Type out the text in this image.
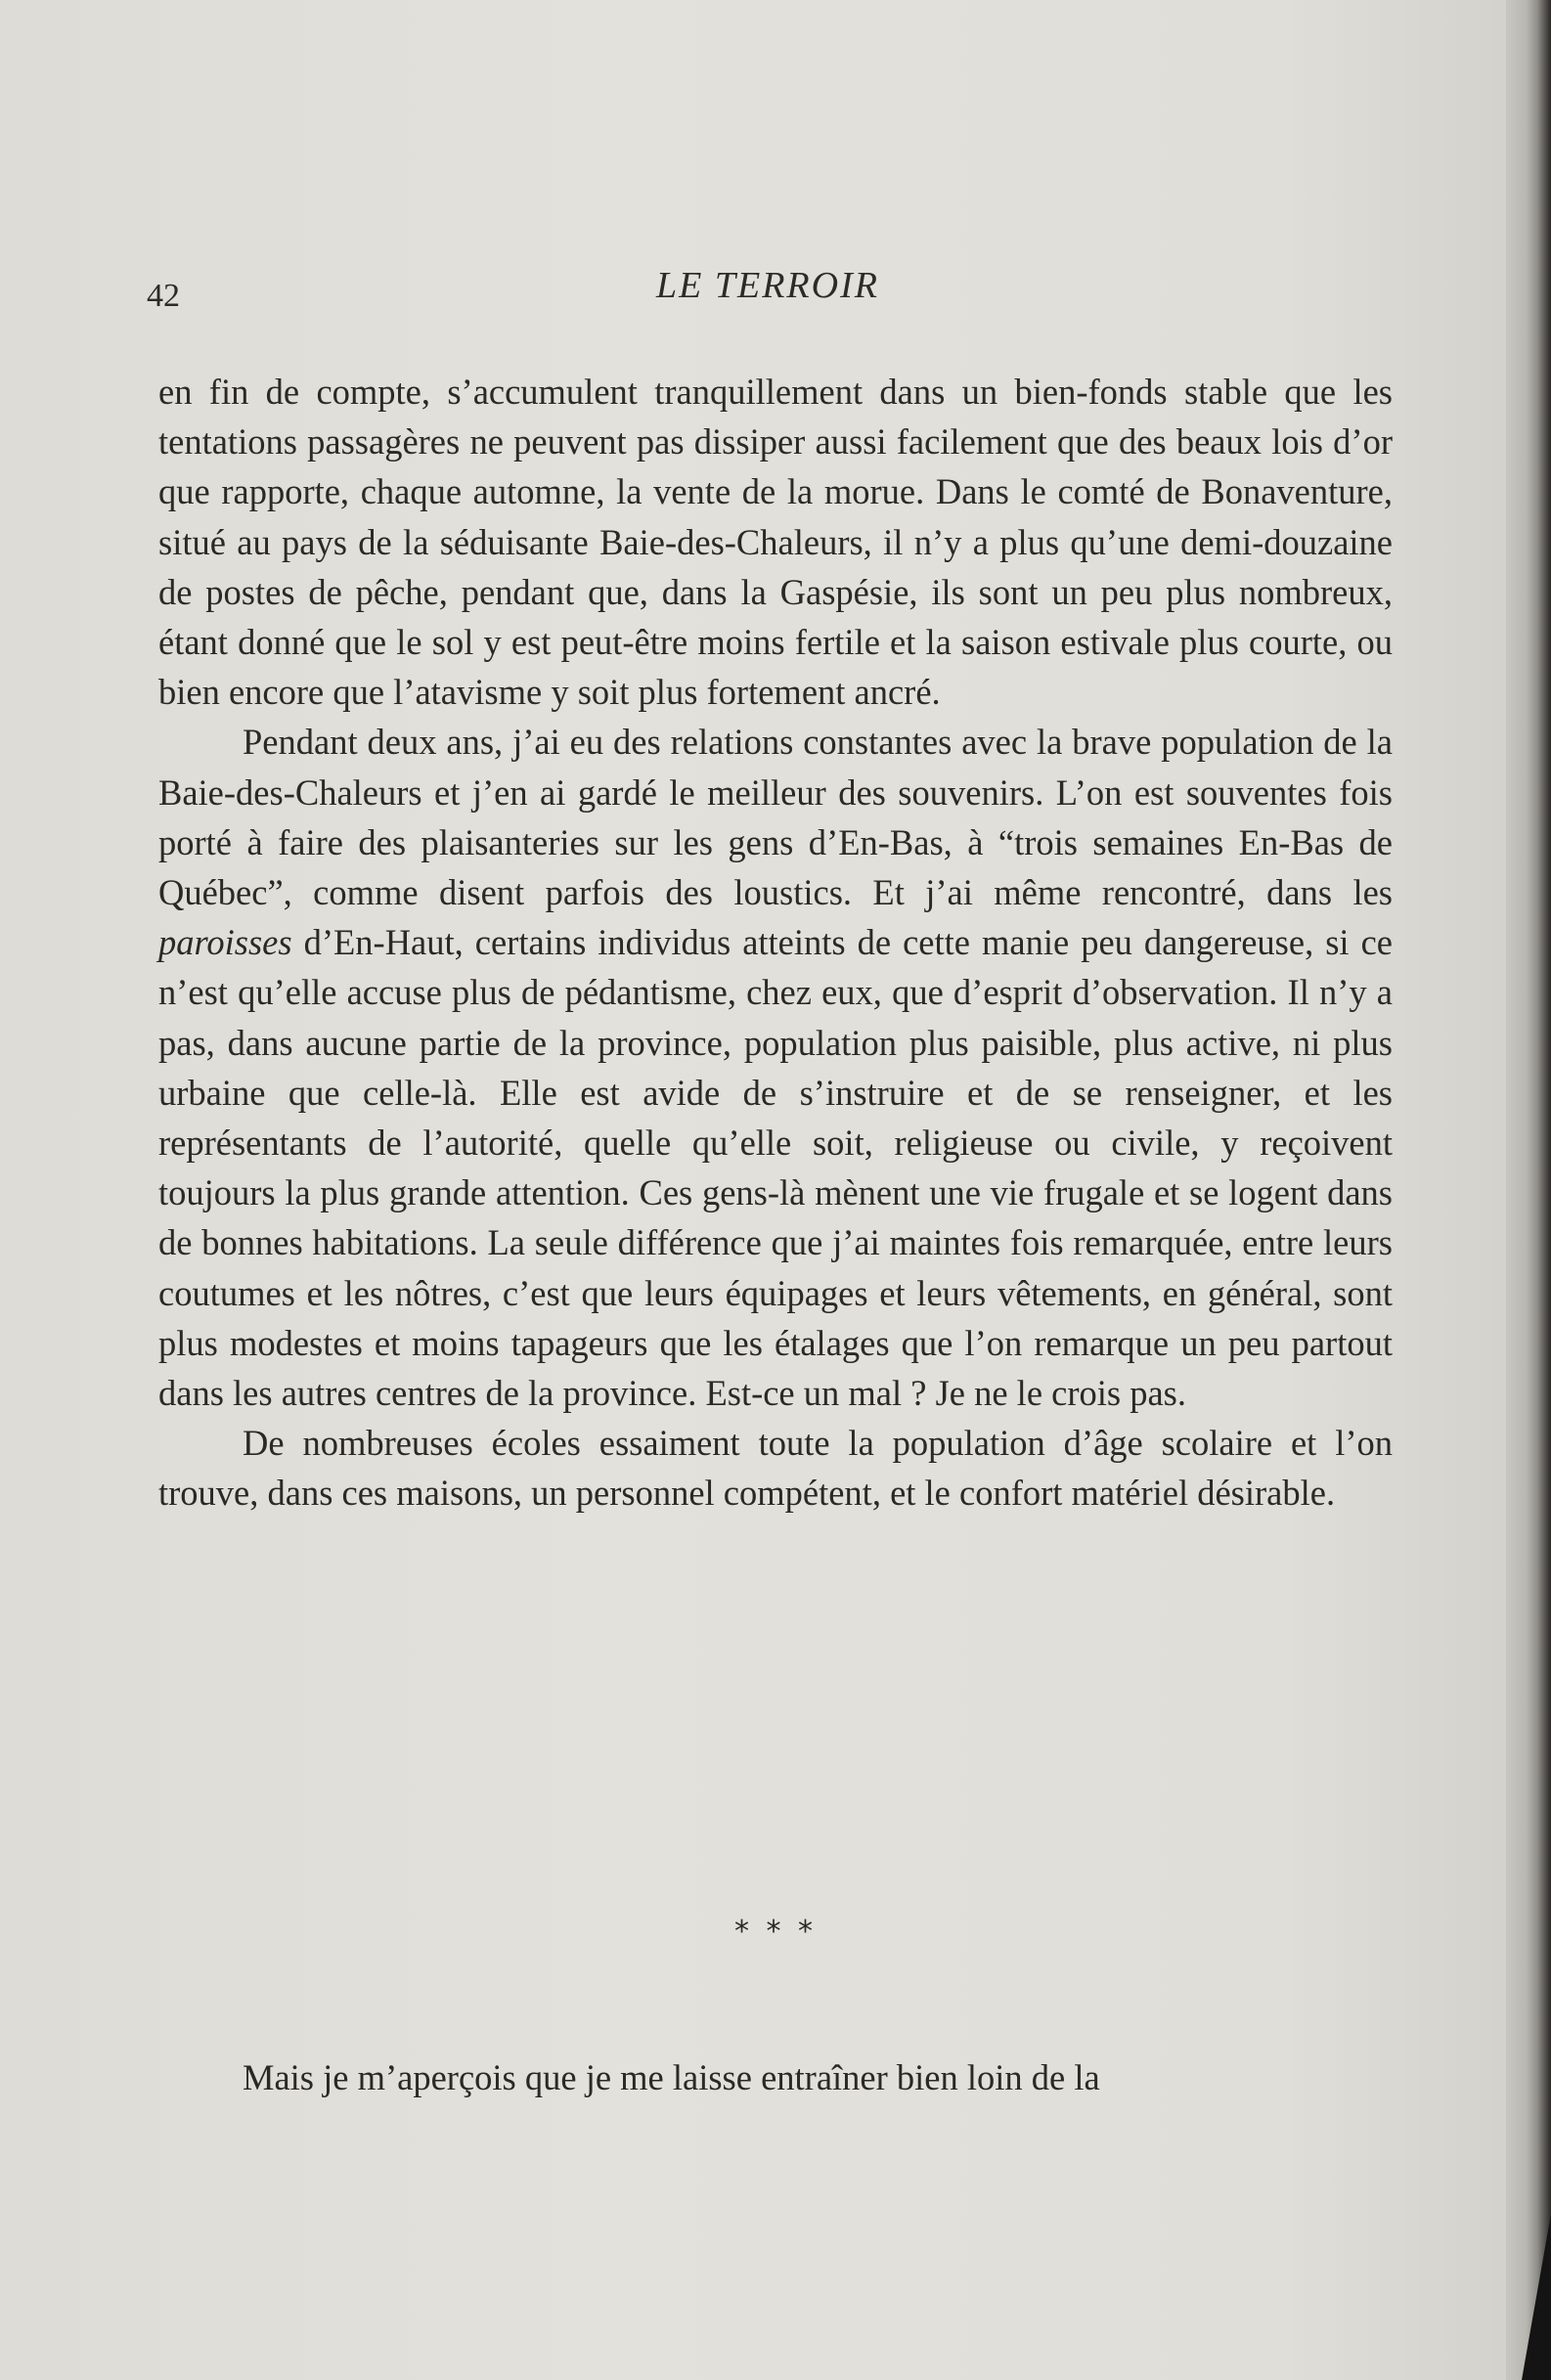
42	LE TERROIR

en fin de compte, s’accumulent tranquillement dans un bien-fonds stable que les tentations passagères ne peuvent pas dissiper aussi facilement que des beaux lois d’or que rapporte, chaque automne, la vente de la morue. Dans le comté de Bonaventure, situé au pays de la séduisante Baie-des-Chaleurs, il n’y a plus qu’une demi-douzaine de postes de pêche, pendant que, dans la Gaspésie, ils sont un peu plus nombreux, étant donné que le sol y est peut-être moins fertile et la saison estivale plus courte, ou bien encore que l’atavisme y soit plus fortement ancré.

Pendant deux ans, j’ai eu des relations constantes avec la brave population de la Baie-des-Chaleurs et j’en ai gardé le meilleur des souvenirs. L’on est souventes fois porté à faire des plaisanteries sur les gens d’En-Bas, à “trois semaines En-Bas de Québec”, comme disent parfois des loustics. Et j’ai même rencontré, dans les paroisses d’En-Haut, certains individus atteints de cette manie peu dangereuse, si ce n’est qu’elle accuse plus de pédantisme, chez eux, que d’esprit d’observation. Il n’y a pas, dans aucune partie de la province, population plus paisible, plus active, ni plus urbaine que celle-là. Elle est avide de s’instruire et de se renseigner, et les représentants de l’autorité, quelle qu’elle soit, religieuse ou civile, y reçoivent toujours la plus grande attention. Ces gens-là mènent une vie frugale et se logent dans de bonnes habitations. La seule différence que j’ai maintes fois remarquée, entre leurs coutumes et les nôtres, c’est que leurs équipages et leurs vêtements, en général, sont plus modestes et moins tapageurs que les étalages que l’on remarque un peu partout dans les autres centres de la province. Est-ce un mal ? Je ne le crois pas.

De nombreuses écoles essaiment toute la population d’âge scolaire et l’on trouve, dans ces maisons, un personnel compétent, et le confort matériel désirable.

* * *

Mais je m’aperçois que je me laisse entraîner bien loin de la
